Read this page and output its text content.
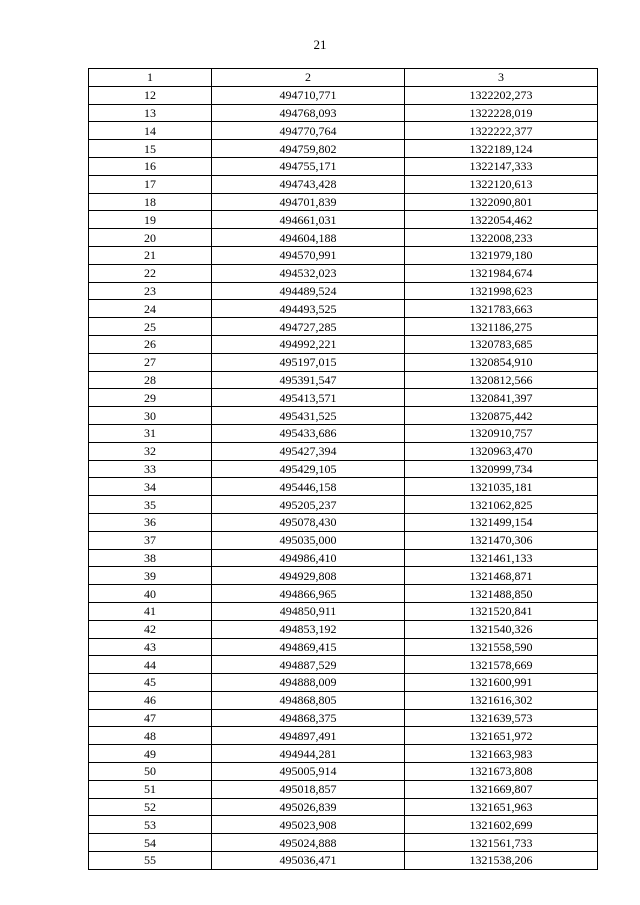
21
1	2	3
12	494710,771	1322202,273
13	494768,093	1322228,019
14	494770,764	1322222,377
15	494759,802	1322189,124
16	494755,171	1322147,333
17	494743,428	1322120,613
18	494701,839	1322090,801
19	494661,031	1322054,462
20	494604,188	1322008,233
21	494570,991	1321979,180
22	494532,023	1321984,674
23	494489,524	1321998,623
24	494493,525	1321783,663
25	494727,285	1321186,275
26	494992,221	1320783,685
27	495197,015	1320854,910
28	495391,547	1320812,566
29	495413,571	1320841,397
30	495431,525	1320875,442
31	495433,686	1320910,757
32	495427,394	1320963,470
33	495429,105	1320999,734
34	495446,158	1321035,181
35	495205,237	1321062,825
36	495078,430	1321499,154
37	495035,000	1321470,306
38	494986,410	1321461,133
39	494929,808	1321468,871
40	494866,965	1321488,850
41	494850,911	1321520,841
42	494853,192	1321540,326
43	494869,415	1321558,590
44	494887,529	1321578,669
45	494888,009	1321600,991
46	494868,805	1321616,302
47	494868,375	1321639,573
48	494897,491	1321651,972
49	494944,281	1321663,983
50	495005,914	1321673,808
51	495018,857	1321669,807
52	495026,839	1321651,963
53	495023,908	1321602,699
54	495024,888	1321561,733
55	495036,471	1321538,206
